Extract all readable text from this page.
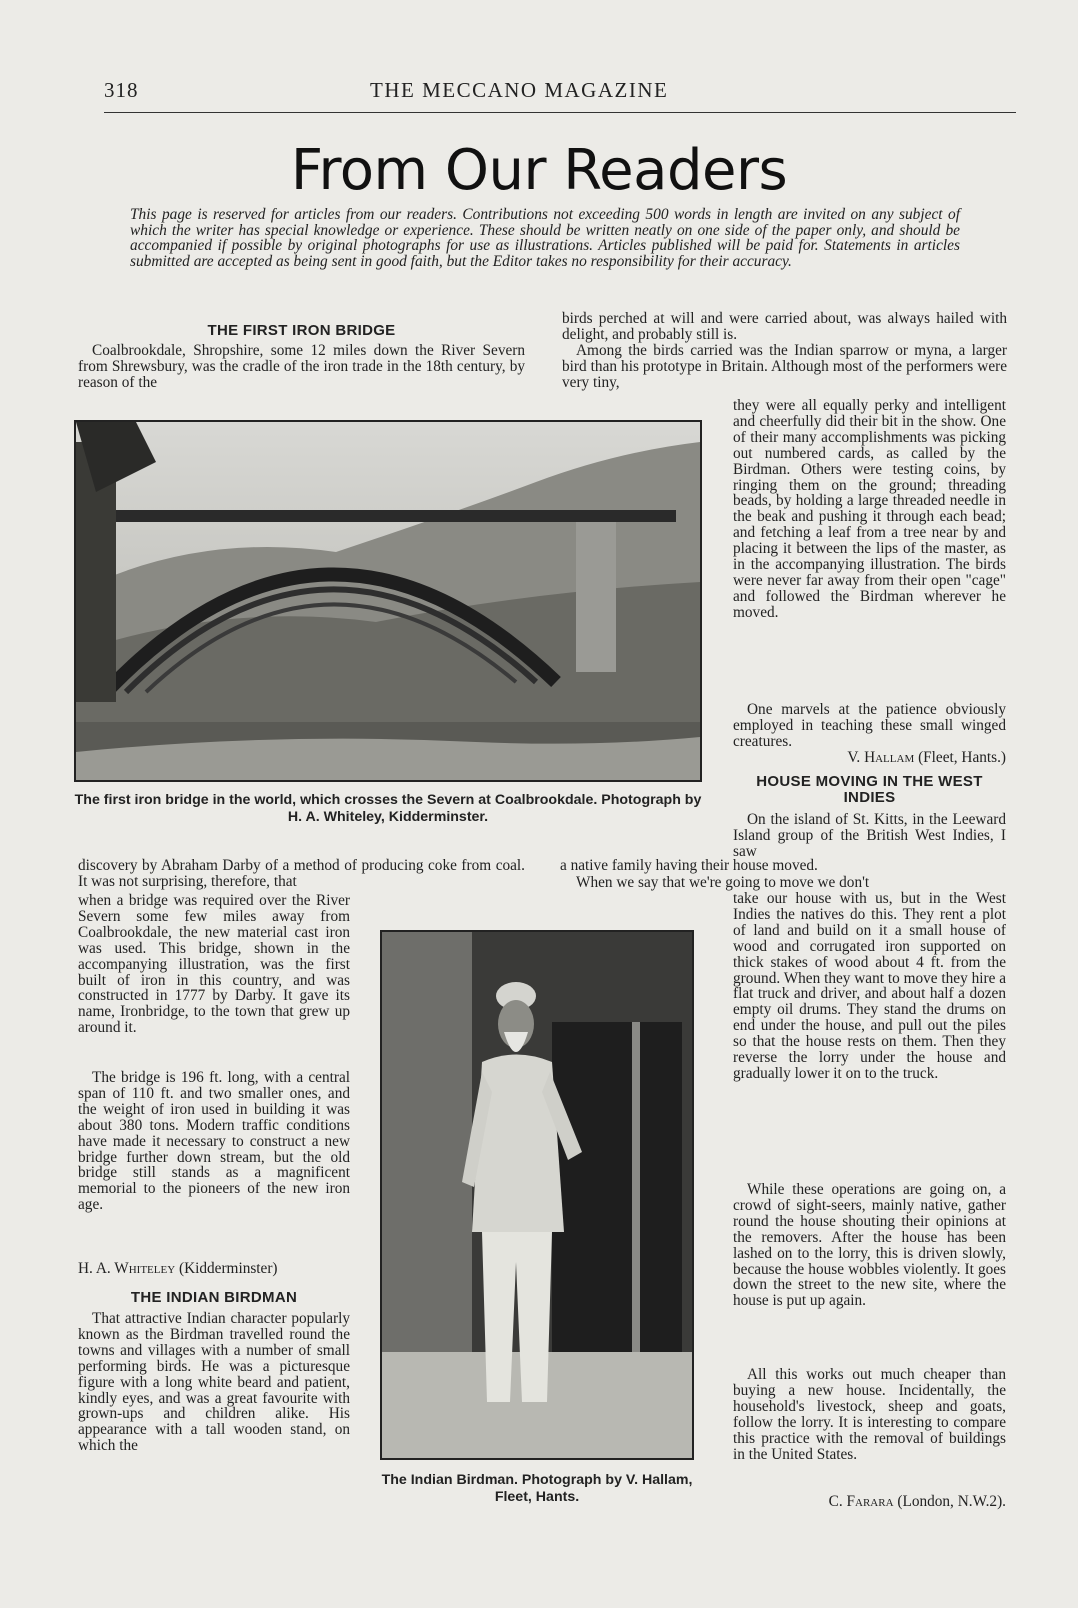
318	THE MECCANO MAGAZINE
From Our Readers
This page is reserved for articles from our readers. Contributions not exceeding 500 words in length are invited on any subject of which the writer has special knowledge or experience. These should be written neatly on one side of the paper only, and should be accompanied if possible by original photographs for use as illustrations. Articles published will be paid for. Statements in articles submitted are accepted as being sent in good faith, but the Editor takes no responsibility for their accuracy.
THE FIRST IRON BRIDGE
Coalbrookdale, Shropshire, some 12 miles down the River Severn from Shrewsbury, was the cradle of the iron trade in the 18th century, by reason of the
birds perched at will and were carried about, was always hailed with delight, and probably still is.
Among the birds carried was the Indian sparrow or myna, a larger bird than his prototype in Britain. Although most of the performers were very tiny,
The first iron bridge in the world, which crosses the Severn at Coalbrookdale. Photograph by H. A. Whiteley, Kidderminster.
they were all equally perky and intelligent and cheerfully did their bit in the show. One of their many accomplishments was picking out numbered cards, as called by the Birdman. Others were testing coins, by ringing them on the ground; threading beads, by holding a large threaded needle in the beak and pushing it through each bead; and fetching a leaf from a tree near by and placing it between the lips of the master, as in the accompanying illustration. The birds were never far away from their open "cage" and followed the Birdman wherever he moved.
One marvels at the patience obviously employed in teaching these small winged creatures.
V. Hallam (Fleet, Hants.)
HOUSE MOVING IN THE WEST INDIES
On the island of St. Kitts, in the Leeward Island group of the British West Indies, I saw
discovery by Abraham Darby of a method of producing coke from coal. It was not surprising, therefore, that
a native family having their house moved.
When we say that we're going to move we don't
when a bridge was required over the River Severn some few miles away from Coalbrookdale, the new material cast iron was used. This bridge, shown in the accompanying illustration, was the first built of iron in this country, and was constructed in 1777 by Darby. It gave its name, Ironbridge, to the town that grew up around it.
The bridge is 196 ft. long, with a central span of 110 ft. and two smaller ones, and the weight of iron used in building it was about 380 tons. Modern traffic conditions have made it necessary to construct a new bridge further down stream, but the old bridge still stands as a magnificent memorial to the pioneers of the new iron age.
H. A. Whiteley (Kidderminster)
THE INDIAN BIRDMAN
That attractive Indian character popularly known as the Birdman travelled round the towns and villages with a number of small performing birds. He was a picturesque figure with a long white beard and patient, kindly eyes, and was a great favourite with grown-ups and children alike. His appearance with a tall wooden stand, on which the
The Indian Birdman. Photograph by V. Hallam, Fleet, Hants.
take our house with us, but in the West Indies the natives do this. They rent a plot of land and build on it a small house of wood and corrugated iron supported on thick stakes of wood about 4 ft. from the ground. When they want to move they hire a flat truck and driver, and about half a dozen empty oil drums. They stand the drums on end under the house, and pull out the piles so that the house rests on them. Then they reverse the lorry under the house and gradually lower it on to the truck.
While these operations are going on, a crowd of sight-seers, mainly native, gather round the house shouting their opinions at the removers. After the house has been lashed on to the lorry, this is driven slowly, because the house wobbles violently. It goes down the street to the new site, where the house is put up again.
All this works out much cheaper than buying a new house. Incidentally, the household's livestock, sheep and goats, follow the lorry. It is interesting to compare this practice with the removal of buildings in the United States.
C. Farara (London, N.W.2).
